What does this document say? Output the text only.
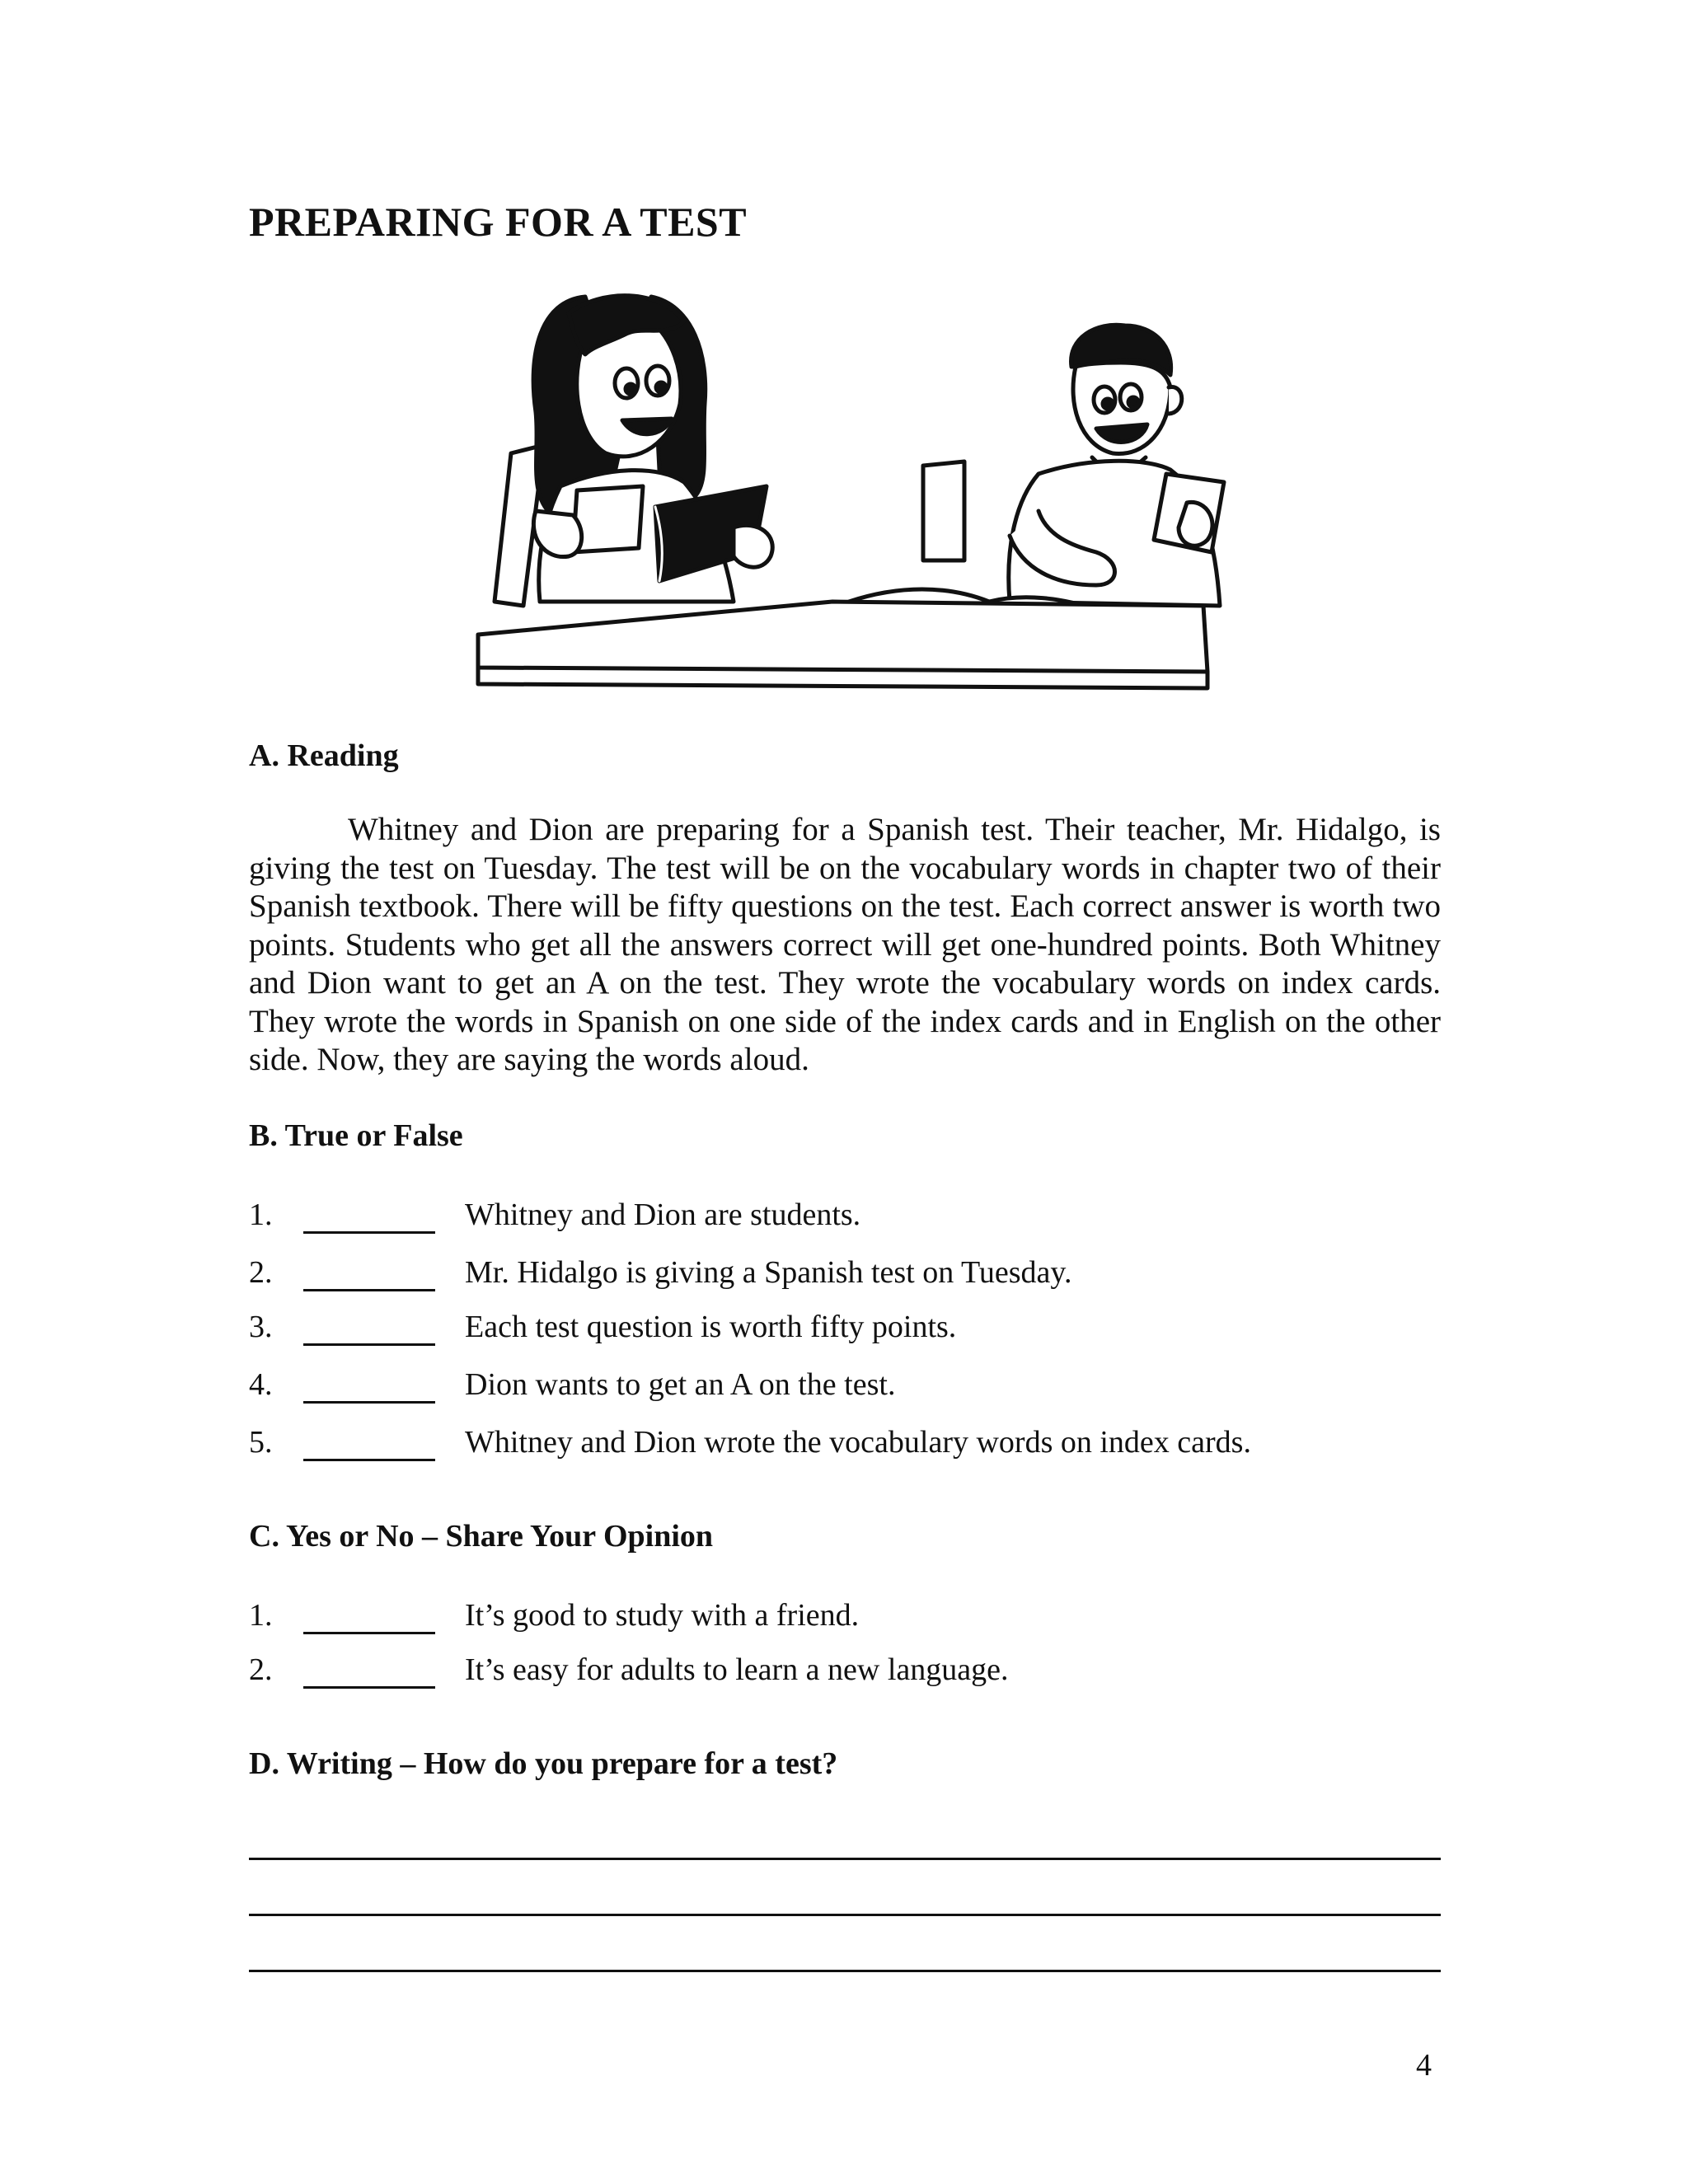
PREPARING FOR A TEST
A. Reading

Whitney and Dion are preparing for a Spanish test. Their teacher, Mr. Hidalgo, is giving the test on Tuesday. The test will be on the vocabulary words in chapter two of their Spanish textbook. There will be fifty questions on the test. Each correct answer is worth two points. Students who get all the answers correct will get one-hundred points. Both Whitney and Dion want to get an A on the test. They wrote the vocabulary words on index cards. They wrote the words in Spanish on one side of the index cards and in English on the other side. Now, they are saying the words aloud.

B. True or False
1.	Whitney and Dion are students.
2.	Mr. Hidalgo is giving a Spanish test on Tuesday.
3.	Each test question is worth fifty points.
4.	Dion wants to get an A on the test.
5.	Whitney and Dion wrote the vocabulary words on index cards.
C. Yes or No – Share Your Opinion
1.	It’s good to study with a friend.
2.	It’s easy for adults to learn a new language.
D. Writing – How do you prepare for a test?
4
